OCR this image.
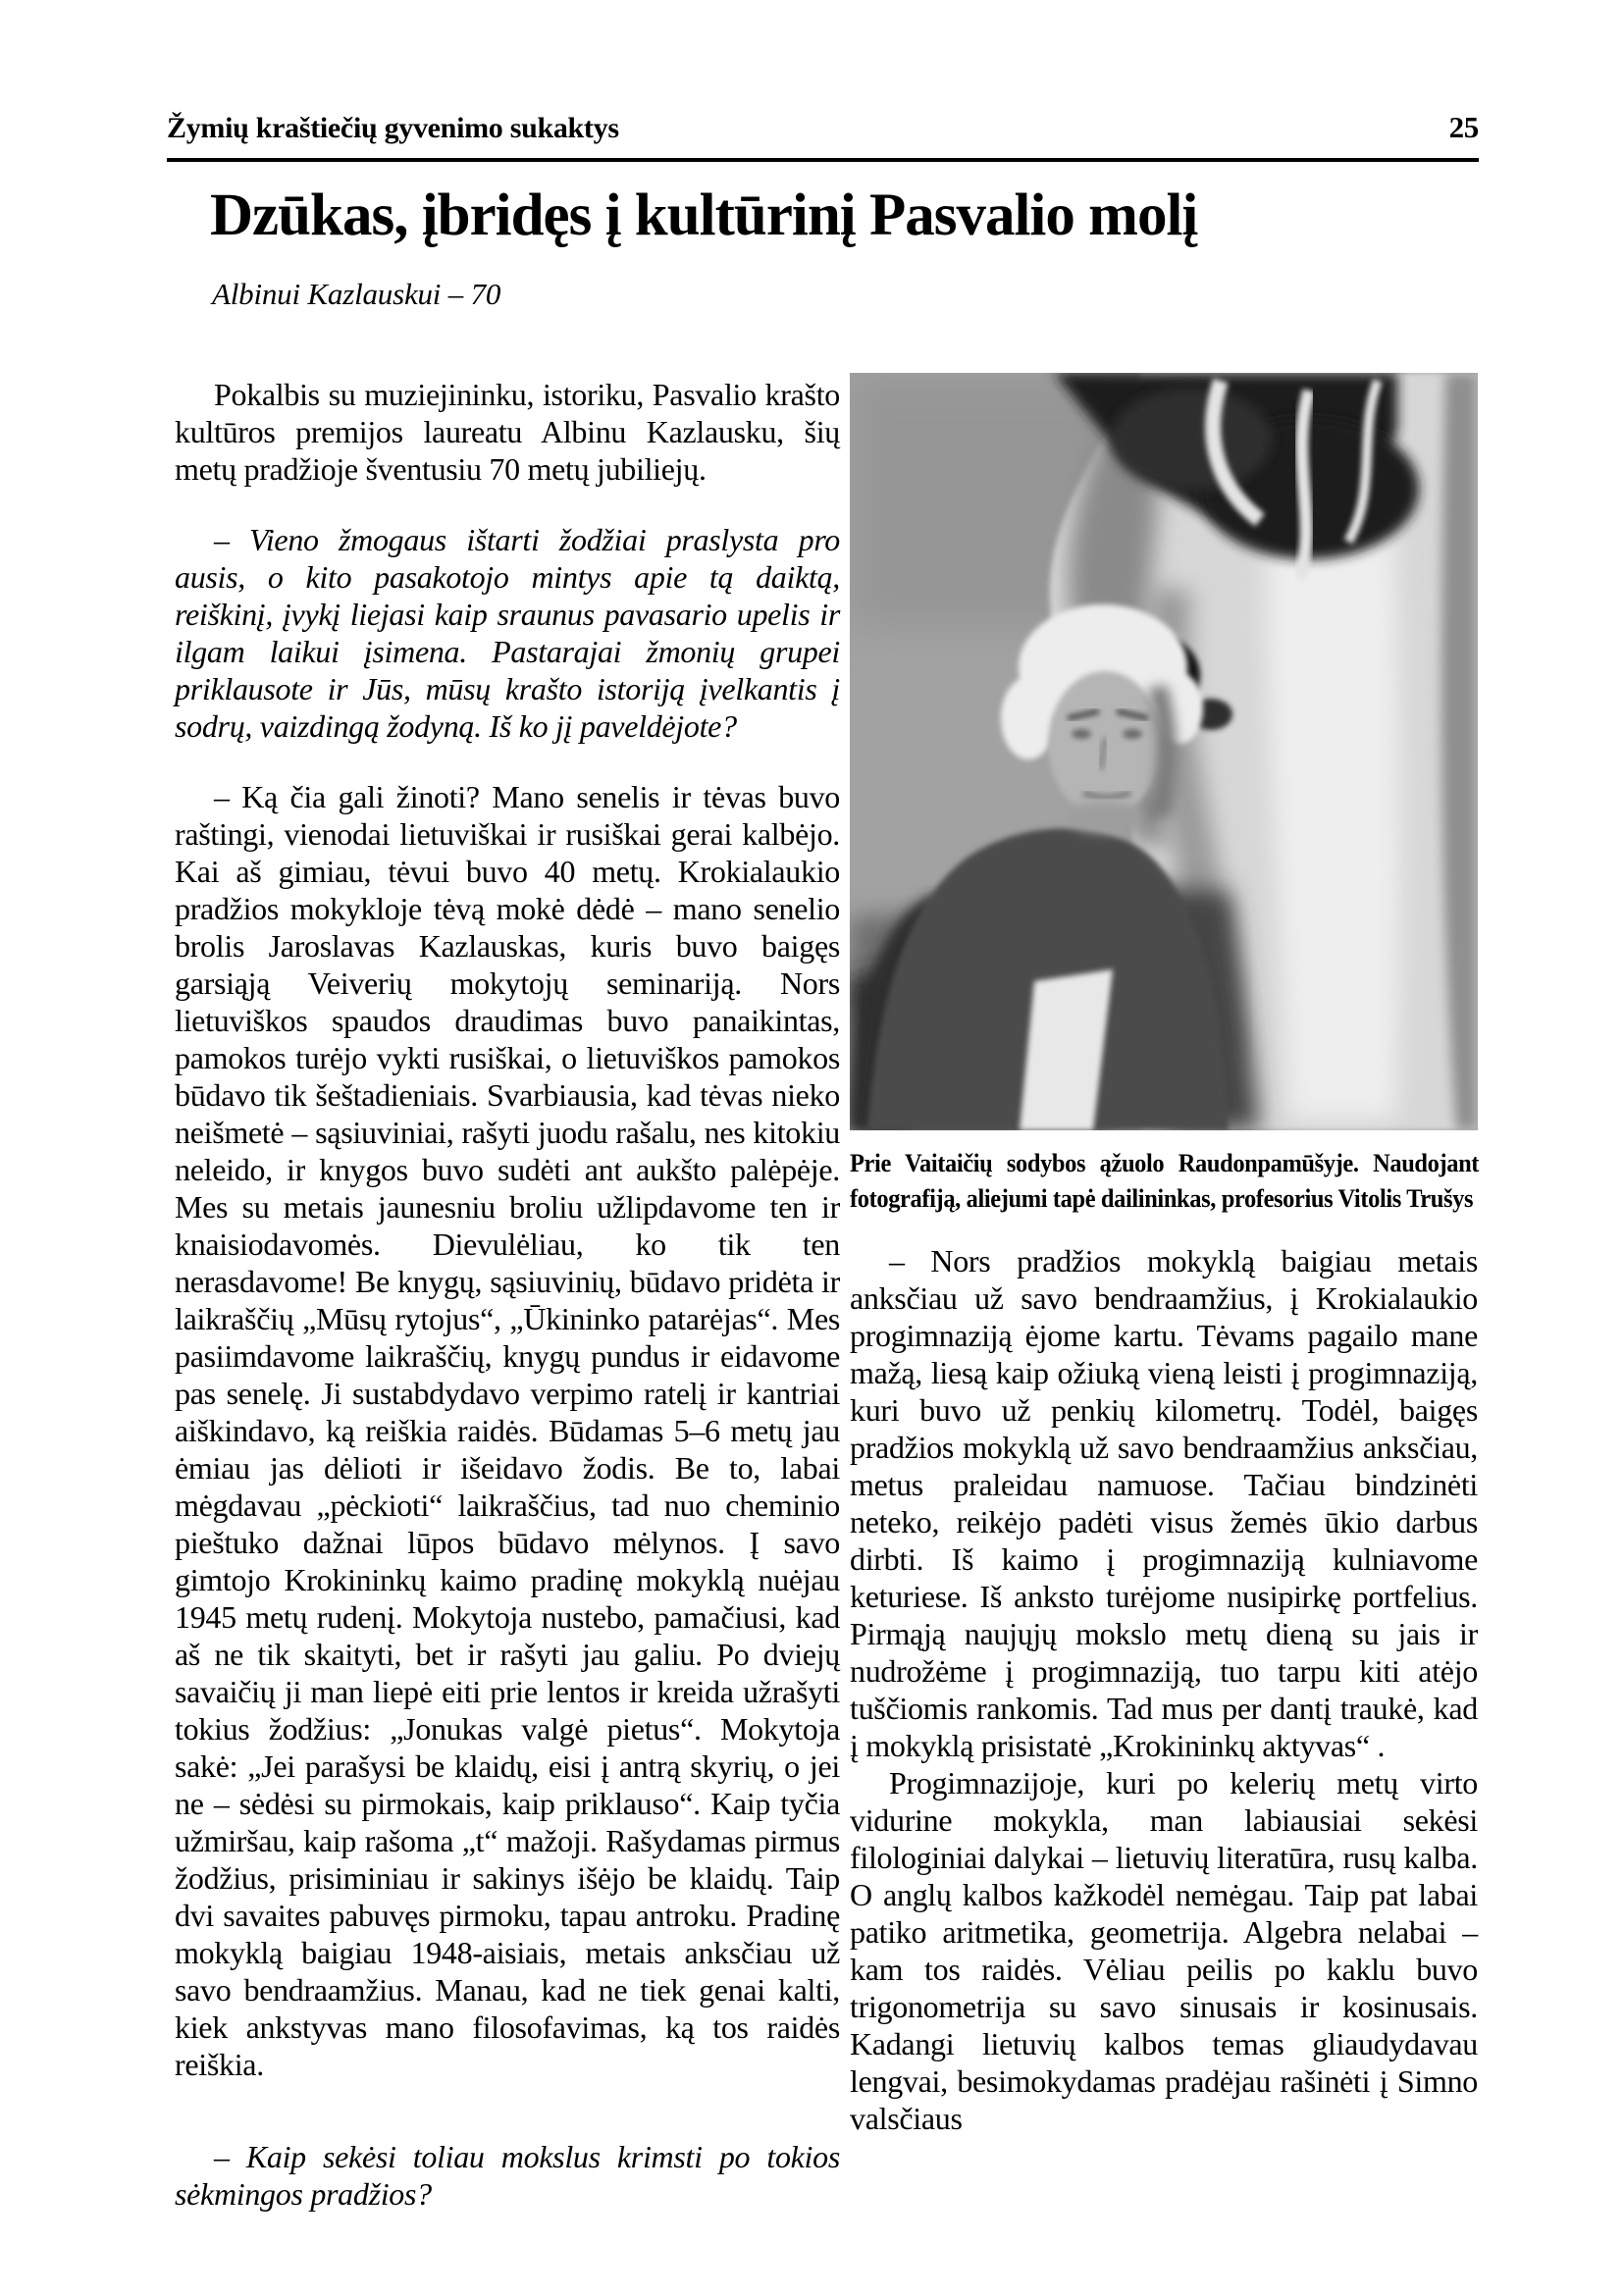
Žymių kraštiečių gyvenimo sukaktys	25
Dzūkas, įbridęs į kultūrinį Pasvalio molį

Albinui Kazlauskui – 70

Pokalbis su muziejininku, istoriku, Pasvalio krašto kultūros premijos laureatu Albinu Kazlausku, šių metų pradžioje šventusiu 70 metų jubiliejų.

– Vieno žmogaus ištarti žodžiai praslysta pro ausis, o kito pasakotojo mintys apie tą daiktą, reiškinį, įvykį liejasi kaip sraunus pavasario upelis ir ilgam laikui įsimena. Pastarajai žmonių grupei priklausote ir Jūs, mūsų krašto istoriją įvelkantis į sodrų, vaizdingą žodyną. Iš ko jį paveldėjote?

– Ką čia gali žinoti? Mano senelis ir tėvas buvo raštingi, vienodai lietuviškai ir rusiškai gerai kalbėjo. Kai aš gimiau, tėvui buvo 40 metų. Krokialaukio pradžios mokykloje tėvą mokė dėdė – mano senelio brolis Jaroslavas Kazlauskas, kuris buvo baigęs garsiąją Veiverių mokytojų seminariją. Nors lietuviškos spaudos draudimas buvo panaikintas, pamokos turėjo vykti rusiškai, o lietuviškos pamokos būdavo tik šeštadieniais. Svarbiausia, kad tėvas nieko neišmetė – sąsiuviniai, rašyti juodu rašalu, nes kitokiu neleido, ir knygos buvo sudėti ant aukšto palėpėje. Mes su metais jaunesniu broliu užlipdavome ten ir knaisiodavomės. Dievulėliau, ko tik ten nerasdavome! Be knygų, sąsiuvinių, būdavo pridėta ir laikraščių „Mūsų rytojus“, „Ūkininko patarėjas“. Mes pasiimdavome laikraščių, knygų pundus ir eidavome pas senelę. Ji sustabdydavo verpimo ratelį ir kantriai aiškindavo, ką reiškia raidės. Būdamas 5–6 metų jau ėmiau jas dėlioti ir išeidavo žodis. Be to, labai mėgdavau „pėckioti“ laikraščius, tad nuo cheminio pieštuko dažnai lūpos būdavo mėlynos. Į savo gimtojo Krokininkų kaimo pradinę mokyklą nuėjau 1945 metų rudenį. Mokytoja nustebo, pamačiusi, kad aš ne tik skaityti, bet ir rašyti jau galiu. Po dviejų savaičių ji man liepė eiti prie lentos ir kreida užrašyti tokius žodžius: „Jonukas valgė pietus“. Mokytoja sakė: „Jei parašysi be klaidų, eisi į antrą skyrių, o jei ne – sėdėsi su pirmokais, kaip priklauso“. Kaip tyčia užmiršau, kaip rašoma „t“ mažoji. Rašydamas pirmus žodžius, prisiminiau ir sakinys išėjo be klaidų. Taip dvi savaites pabuvęs pirmoku, tapau antroku. Pradinę mokyklą baigiau 1948-aisiais, metais anksčiau už savo bendraamžius. Manau, kad ne tiek genai kalti, kiek ankstyvas mano filosofavimas, ką tos raidės reiškia.

– Kaip sekėsi toliau mokslus krimsti po tokios sėkmingos pradžios?

Prie Vaitaičių sodybos ąžuolo Raudonpamūšyje. Naudojant fotografiją, aliejumi tapė dailininkas, profesorius Vitolis Trušys

– Nors pradžios mokyklą baigiau metais anksčiau už savo bendraamžius, į Krokialaukio progimnaziją ėjome kartu. Tėvams pagailo mane mažą, liesą kaip ožiuką vieną leisti į progimnaziją, kuri buvo už penkių kilometrų. Todėl, baigęs pradžios mokyklą už savo bendraamžius anksčiau, metus praleidau namuose. Tačiau bindzinėti neteko, reikėjo padėti visus žemės ūkio darbus dirbti. Iš kaimo į progimnaziją kulniavome keturiese. Iš anksto turėjome nusipirkę portfelius. Pirmąją naujųjų mokslo metų dieną su jais ir nudrožėme į progimnaziją, tuo tarpu kiti atėjo tuščiomis rankomis. Tad mus per dantį traukė, kad į mokyklą prisistatė „Krokininkų aktyvas“ .

Progimnazijoje, kuri po kelerių metų virto vidurine mokykla, man labiausiai sekėsi filologiniai dalykai – lietuvių literatūra, rusų kalba. O anglų kalbos kažkodėl nemėgau. Taip pat labai patiko aritmetika, geometrija. Algebra nelabai – kam tos raidės. Vėliau peilis po kaklu buvo trigonometrija su savo sinusais ir kosinusais. Kadangi lietuvių kalbos temas gliaudydavau lengvai, besimokydamas pradėjau rašinėti į Simno valsčiaus
